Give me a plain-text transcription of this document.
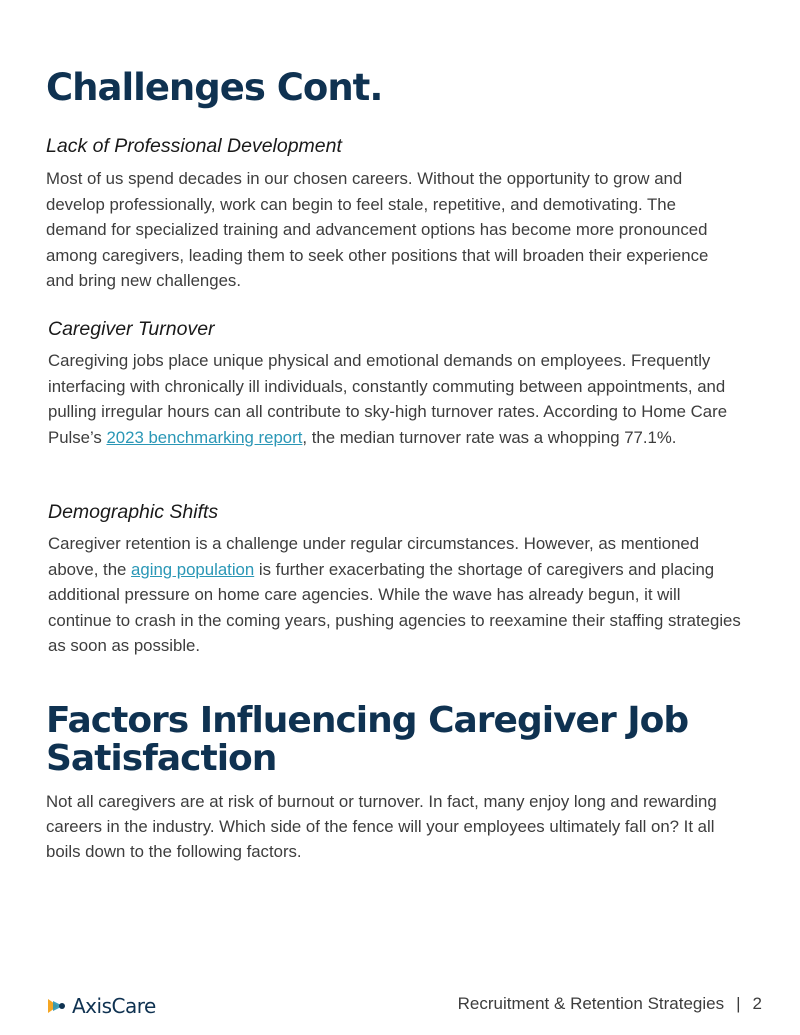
Challenges Cont.

Lack of Professional Development

Most of us spend decades in our chosen careers. Without the opportunity to grow and develop professionally, work can begin to feel stale, repetitive, and demotivating. The demand for specialized training and advancement options has become more pronounced among caregivers, leading them to seek other positions that will broaden their experience and bring new challenges.

Caregiver Turnover

Caregiving jobs place unique physical and emotional demands on employees. Frequently interfacing with chronically ill individuals, constantly commuting between appointments, and pulling irregular hours can all contribute to sky-high turnover rates. According to Home Care Pulse’s 2023 benchmarking report, the median turnover rate was a whopping 77.1%.

Demographic Shifts

Caregiver retention is a challenge under regular circumstances. However, as mentioned above, the aging population is further exacerbating the shortage of caregivers and placing additional pressure on home care agencies. While the wave has already begun, it will continue to crash in the coming years, pushing agencies to reexamine their staffing strategies as soon as possible.

Factors Influencing Caregiver Job Satisfaction

Not all caregivers are at risk of burnout or turnover. In fact, many enjoy long and rewarding careers in the industry. Which side of the fence will your employees ultimately fall on? It all boils down to the following factors.

AxisCare	Recruitment & Retention Strategies | 2
